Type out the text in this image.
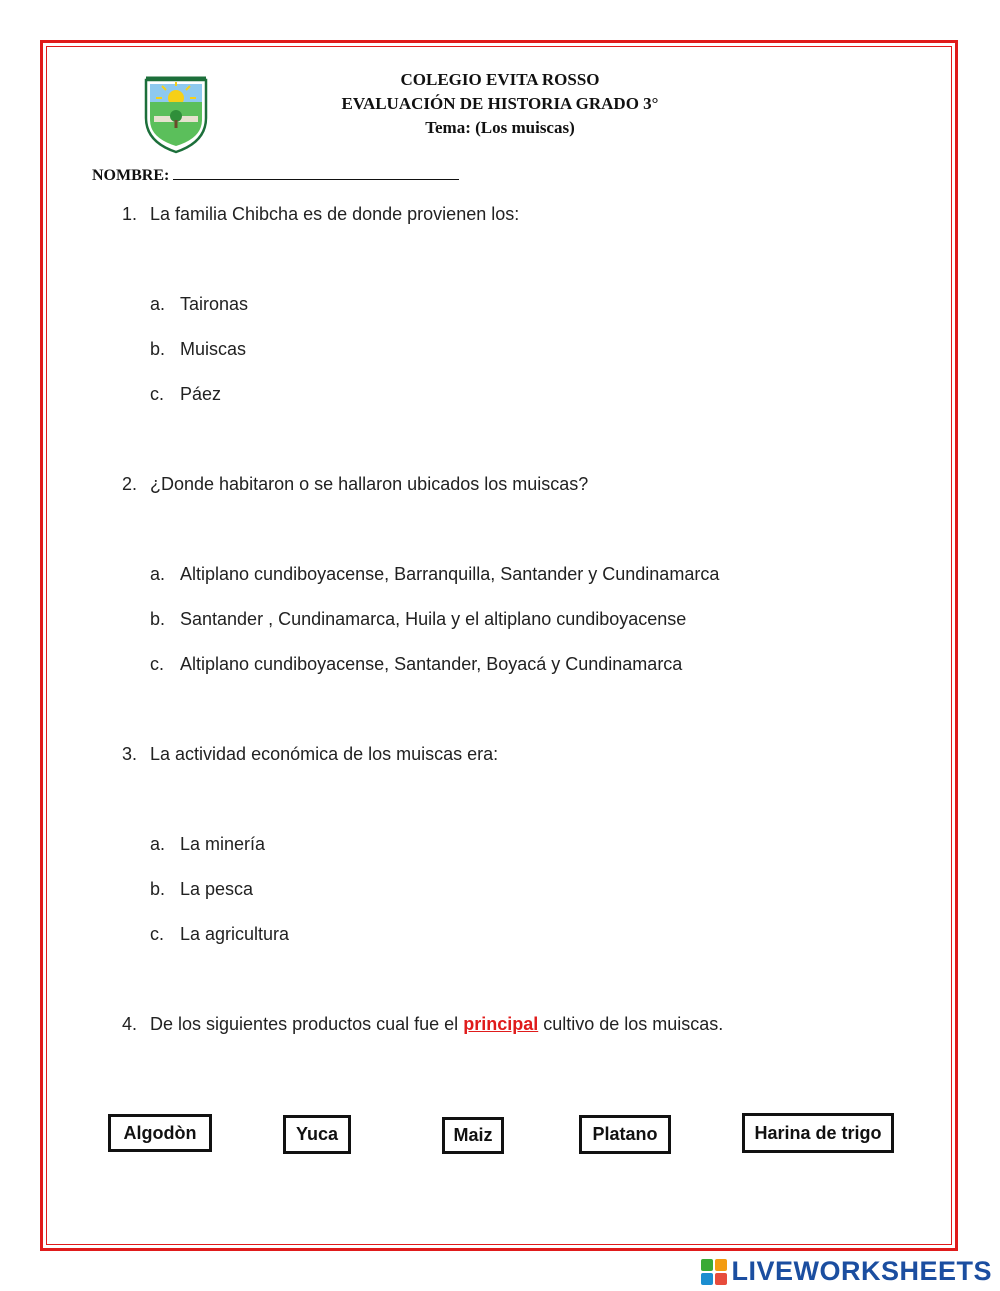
COLEGIO EVITA ROSSO
EVALUACIÓN DE HISTORIA GRADO 3°
Tema: (Los muiscas)
NOMBRE:
1. La familia Chibcha es de donde provienen los:
a. Taironas
b. Muiscas
c. Páez
2. ¿Donde habitaron o se hallaron ubicados los muiscas?
a. Altiplano cundiboyacense, Barranquilla, Santander y Cundinamarca
b. Santander , Cundinamarca, Huila y el altiplano cundiboyacense
c. Altiplano cundiboyacense, Santander, Boyacá y Cundinamarca
3. La actividad económica de los muiscas era:
a. La minería
b. La pesca
c. La agricultura
4. De los siguientes productos cual fue el principal cultivo de los muiscas.
Algodòn	Yuca	Maiz	Platano	Harina de trigo
LIVEWORKSHEETS
